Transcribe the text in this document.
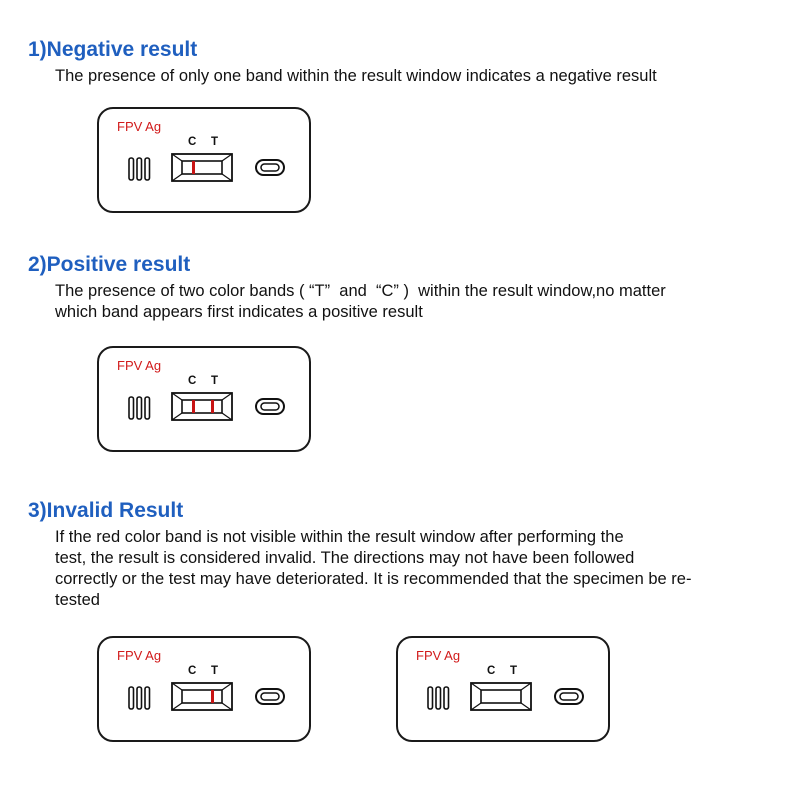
1)Negative result
The presence of only one band within the result window indicates a negative result
2)Positive result
The presence of two color bands ( “T”  and  “C” )  within the result window,no matter
which band appears first indicates a positive result
3)Invalid Result
If the red color band is not visible within the result window after performing the
test, the result is considered invalid. The directions may not have been followed
correctly or the test may have deteriorated. It is recommended that the specimen be re-
tested
FPV Ag
C T
FPV Ag
C T
FPV Ag
C T
FPV Ag
C T
